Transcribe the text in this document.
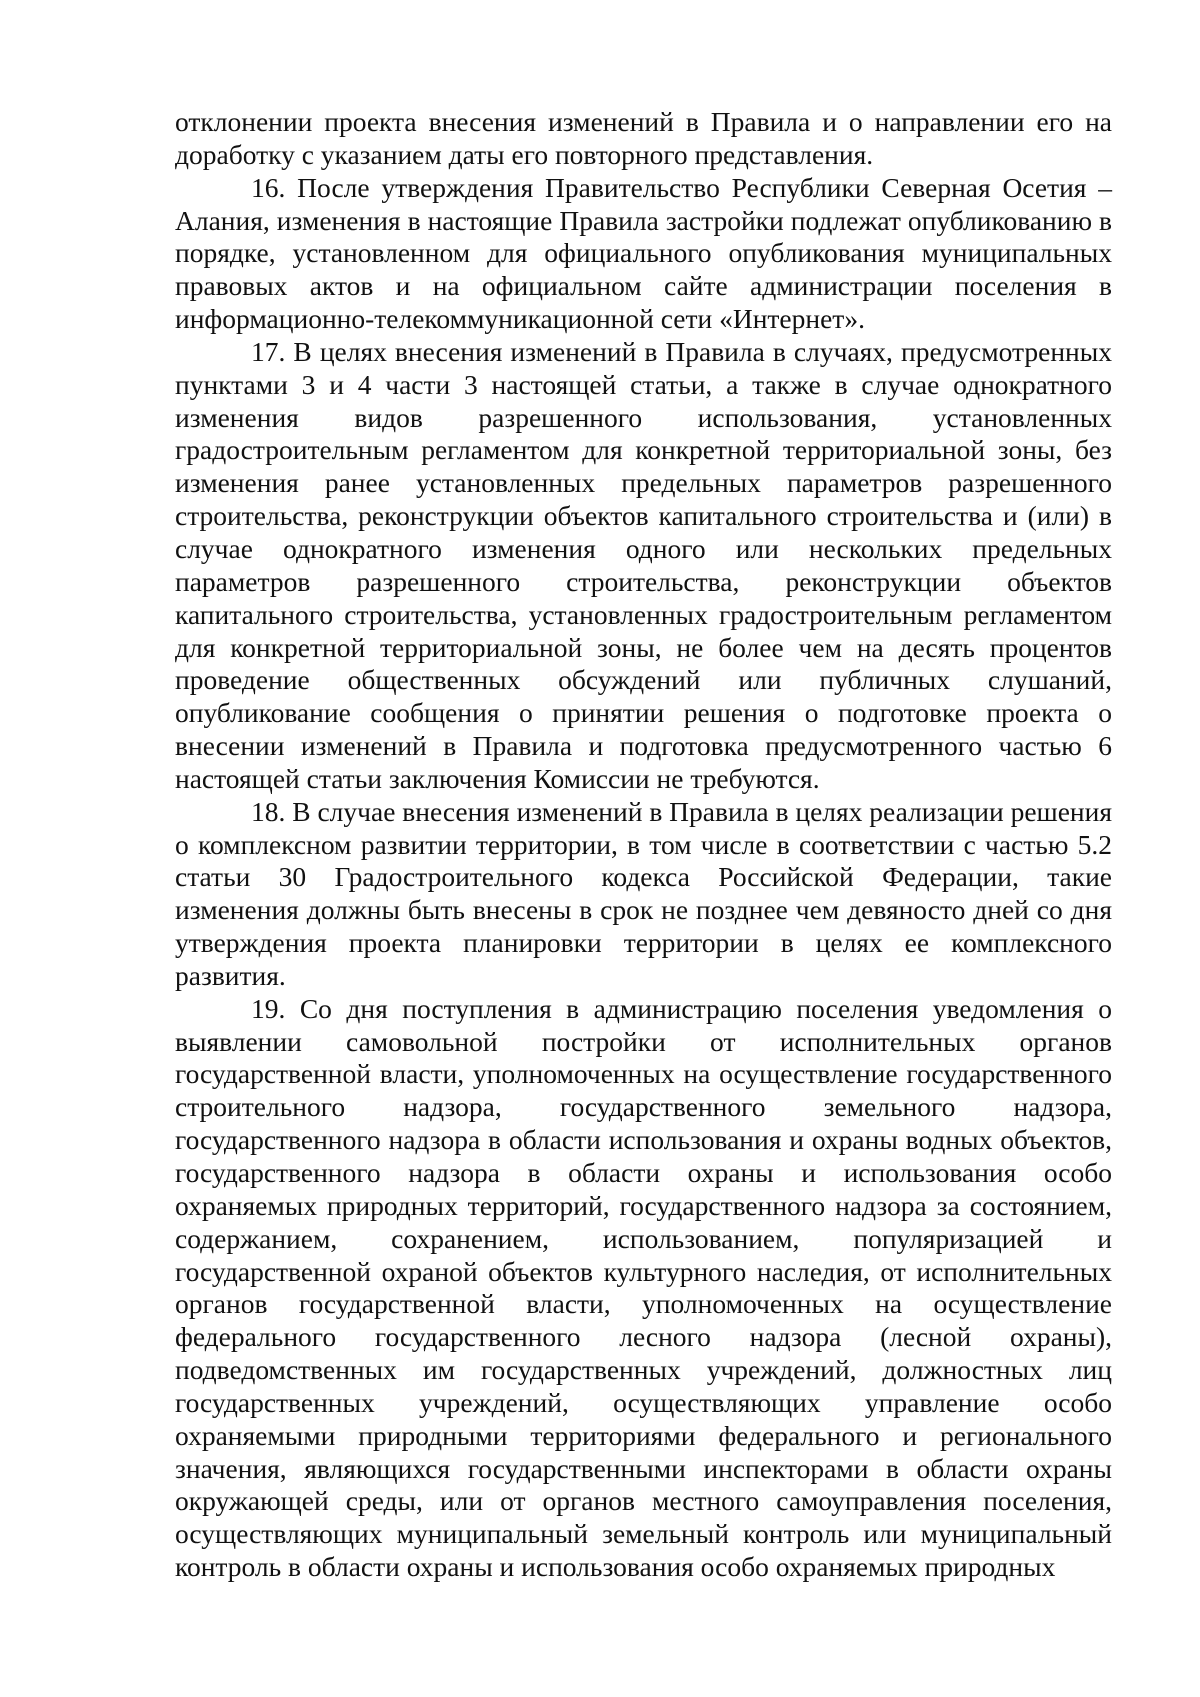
отклонении проекта внесения изменений в Правила и о направлении его на доработку с указанием даты его повторного представления.

16. После утверждения Правительство Республики Северная Осетия – Алания, изменения в настоящие Правила застройки подлежат опубликованию в порядке, установленном для официального опубликования муниципальных правовых актов и на официальном сайте администрации поселения в информационно-телекоммуникационной сети «Интернет».

17. В целях внесения изменений в Правила в случаях, предусмотренных пунктами 3 и 4 части 3 настоящей статьи, а также в случае однократного изменения видов разрешенного использования, установленных градостроительным регламентом для конкретной территориальной зоны, без изменения ранее установленных предельных параметров разрешенного строительства, реконструкции объектов капитального строительства и (или) в случае однократного изменения одного или нескольких предельных параметров разрешенного строительства, реконструкции объектов капитального строительства, установленных градостроительным регламентом для конкретной территориальной зоны, не более чем на десять процентов проведение общественных обсуждений или публичных слушаний, опубликование сообщения о принятии решения о подготовке проекта о внесении изменений в Правила и подготовка предусмотренного частью 6 настоящей статьи заключения Комиссии не требуются.

18. В случае внесения изменений в Правила в целях реализации решения о комплексном развитии территории, в том числе в соответствии с частью 5.2 статьи 30 Градостроительного кодекса Российской Федерации, такие изменения должны быть внесены в срок не позднее чем девяносто дней со дня утверждения проекта планировки территории в целях ее комплексного развития.

19. Со дня поступления в администрацию поселения уведомления о выявлении самовольной постройки от исполнительных органов государственной власти, уполномоченных на осуществление государственного строительного надзора, государственного земельного надзора, государственного надзора в области использования и охраны водных объектов, государственного надзора в области охраны и использования особо охраняемых природных территорий, государственного надзора за состоянием, содержанием, сохранением, использованием, популяризацией и государственной охраной объектов культурного наследия, от исполнительных органов государственной власти, уполномоченных на осуществление федерального государственного лесного надзора (лесной охраны), подведомственных им государственных учреждений, должностных лиц государственных учреждений, осуществляющих управление особо охраняемыми природными территориями федерального и регионального значения, являющихся государственными инспекторами в области охраны окружающей среды, или от органов местного самоуправления поселения, осуществляющих муниципальный земельный контроль или муниципальный контроль в области охраны и использования особо охраняемых природных
